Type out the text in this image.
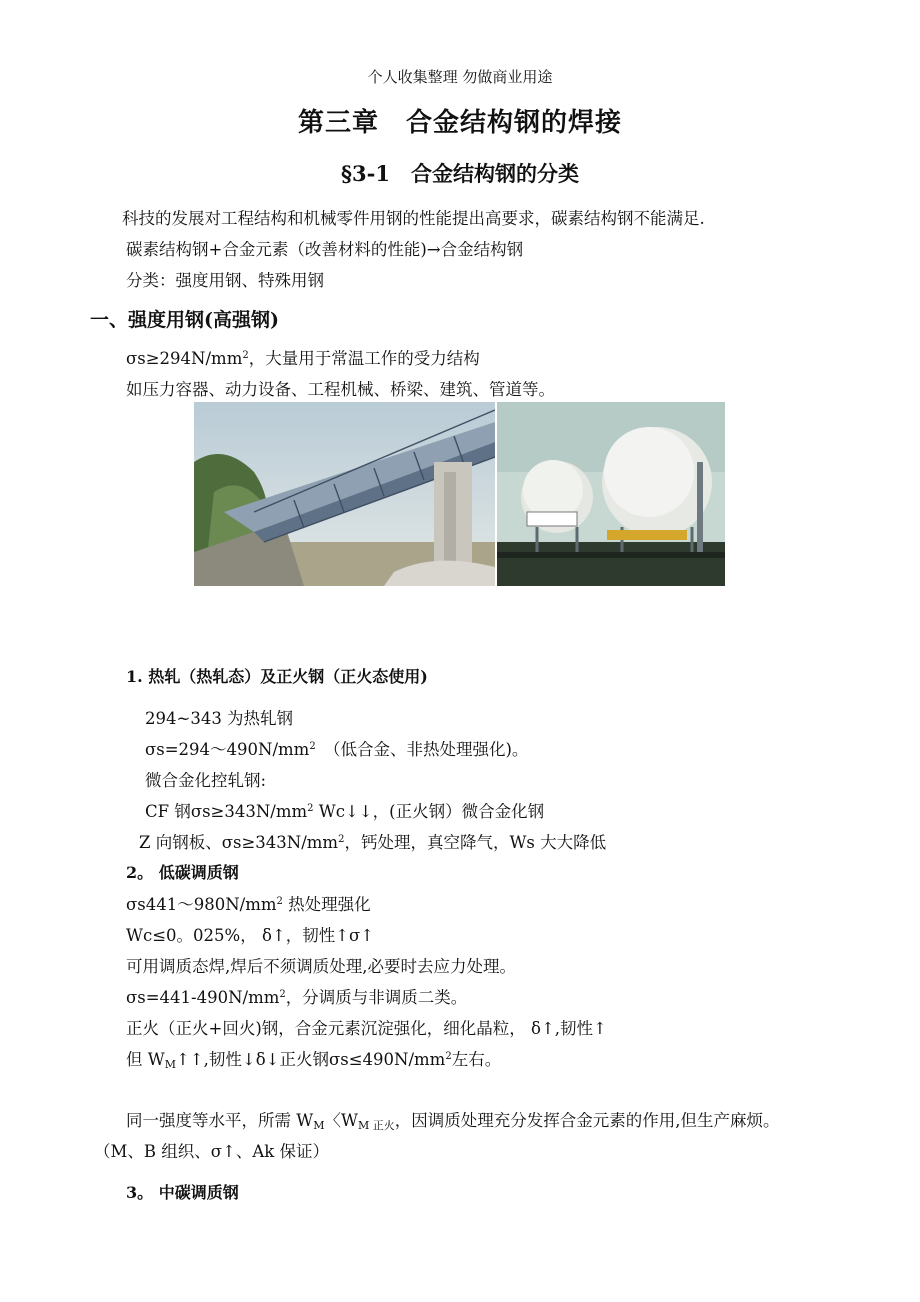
个人收集整理 勿做商业用途
第三章　合金结构钢的焊接
§3-1　合金结构钢的分类
科技的发展对工程结构和机械零件用钢的性能提出高要求，碳素结构钢不能满足.
碳素结构钢+合金元素（改善材料的性能)→合金结构钢
分类：强度用钢、特殊用钢
一、强度用钢(高强钢)
$\sigma s\ge 294N/mm^2$，大量用于常温工作的受力结构
如压力容器、动力设备、工程机械、桥梁、建筑、管道等。
1. 热轧（热轧态）及正火钢（正火态使用)
294~343 为热轧钢
$\sigma s=294\sim 490N/mm^2$　（低合金、非热处理强化)。
微合金化控轧钢:
CF 钢$\sigma s\ge 343N/mm^2$ Wc↓↓，(正火钢）微合金化钢
Z 向钢板、$\sigma s\ge 343N/mm^2$，钙处理，真空降气，Ws 大大降低
2。 低碳调质钢
$\sigma s441\sim 980N/mm^2$ 热处理强化
Wc≤0。025%， δ↑，韧性↑σ↑
可用调质态焊,焊后不须调质处理,必要时去应力处理。
$\sigma s=441-490N/mm^2$，分调质与非调质二类。
正火（正火+回火)钢，合金元素沉淀强化，细化晶粒， δ↑,韧性↑
但 $W_M↑↑$,韧性↓δ↓正火钢$\sigma s\le 490N/mm^2$左右。
同一强度等水平，所需 $W_M$〈$W_{M 正火}$，因调质处理充分发挥合金元素的作用,但生产麻烦。
（M、B 组织、σ↑、Ak 保证）
3。 中碳调质钢
